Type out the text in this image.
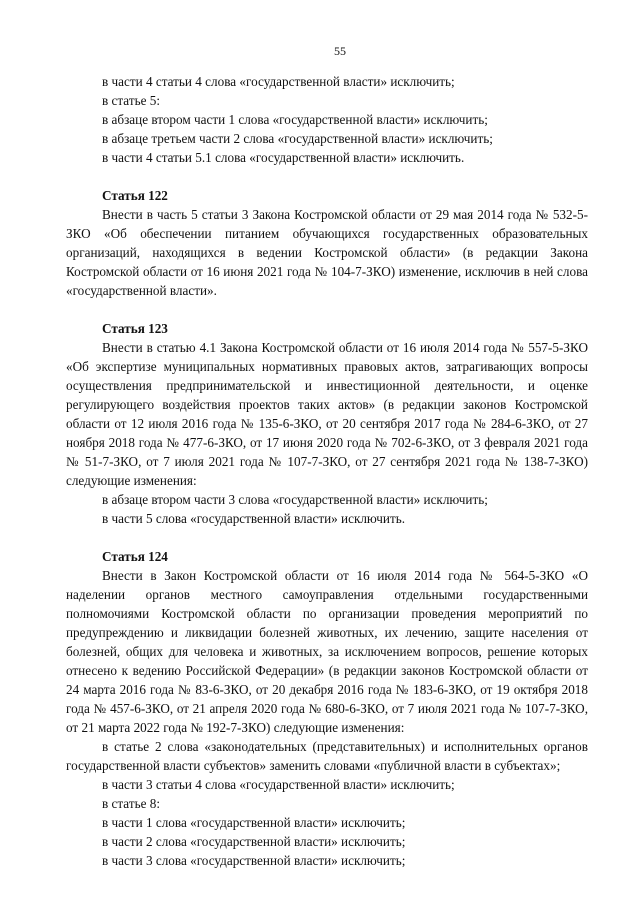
55

в части 4 статьи 4 слова «государственной власти» исключить;

в статье 5:

в абзаце втором части 1 слова «государственной власти» исключить;

в абзаце третьем части 2 слова «государственной власти» исключить;

в части 4 статьи 5.1 слова «государственной власти» исключить.

Статья 122

Внести в часть 5 статьи 3 Закона Костромской области от 29 мая 2014 года № 532-5-ЗКО «Об обеспечении питанием обучающихся государственных образовательных организаций, находящихся в ведении Костромской области» (в редакции Закона Костромской области от 16 июня 2021 года № 104-7-ЗКО) изменение, исключив в ней слова «государственной власти».

Статья 123

Внести в статью 4.1 Закона Костромской области от 16 июля 2014 года № 557-5-ЗКО «Об экспертизе муниципальных нормативных правовых актов, затрагивающих вопросы осуществления предпринимательской и инвестиционной деятельности, и оценке регулирующего воздействия проектов таких актов» (в редакции законов Костромской области от 12 июля 2016 года № 135-6-ЗКО, от 20 сентября 2017 года № 284-6-ЗКО, от 27 ноября 2018 года № 477-6-ЗКО, от 17 июня 2020 года № 702-6-ЗКО, от 3 февраля 2021 года № 51-7-ЗКО, от 7 июля 2021 года № 107-7-ЗКО, от 27 сентября 2021 года № 138-7-ЗКО) следующие изменения:

в абзаце втором части 3 слова «государственной власти» исключить;

в части 5 слова «государственной власти» исключить.

Статья 124

Внести в Закон Костромской области от 16 июля 2014 года № 564-5-ЗКО «О наделении органов местного самоуправления отдельными государственными полномочиями Костромской области по организации проведения мероприятий по предупреждению и ликвидации болезней животных, их лечению, защите населения от болезней, общих для человека и животных, за исключением вопросов, решение которых отнесено к ведению Российской Федерации» (в редакции законов Костромской области от 24 марта 2016 года № 83-6-ЗКО, от 20 декабря 2016 года № 183-6-ЗКО, от 19 октября 2018 года № 457-6-ЗКО, от 21 апреля 2020 года № 680-6-ЗКО, от 7 июля 2021 года № 107-7-ЗКО, от 21 марта 2022 года № 192-7-ЗКО) следующие изменения:

в статье 2 слова «законодательных (представительных) и исполнительных органов государственной власти субъектов» заменить словами «публичной власти в субъектах»;

в части 3 статьи 4 слова «государственной власти» исключить;

в статье 8:

в части 1 слова «государственной власти» исключить;

в части 2 слова «государственной власти» исключить;

в части 3 слова «государственной власти» исключить;
